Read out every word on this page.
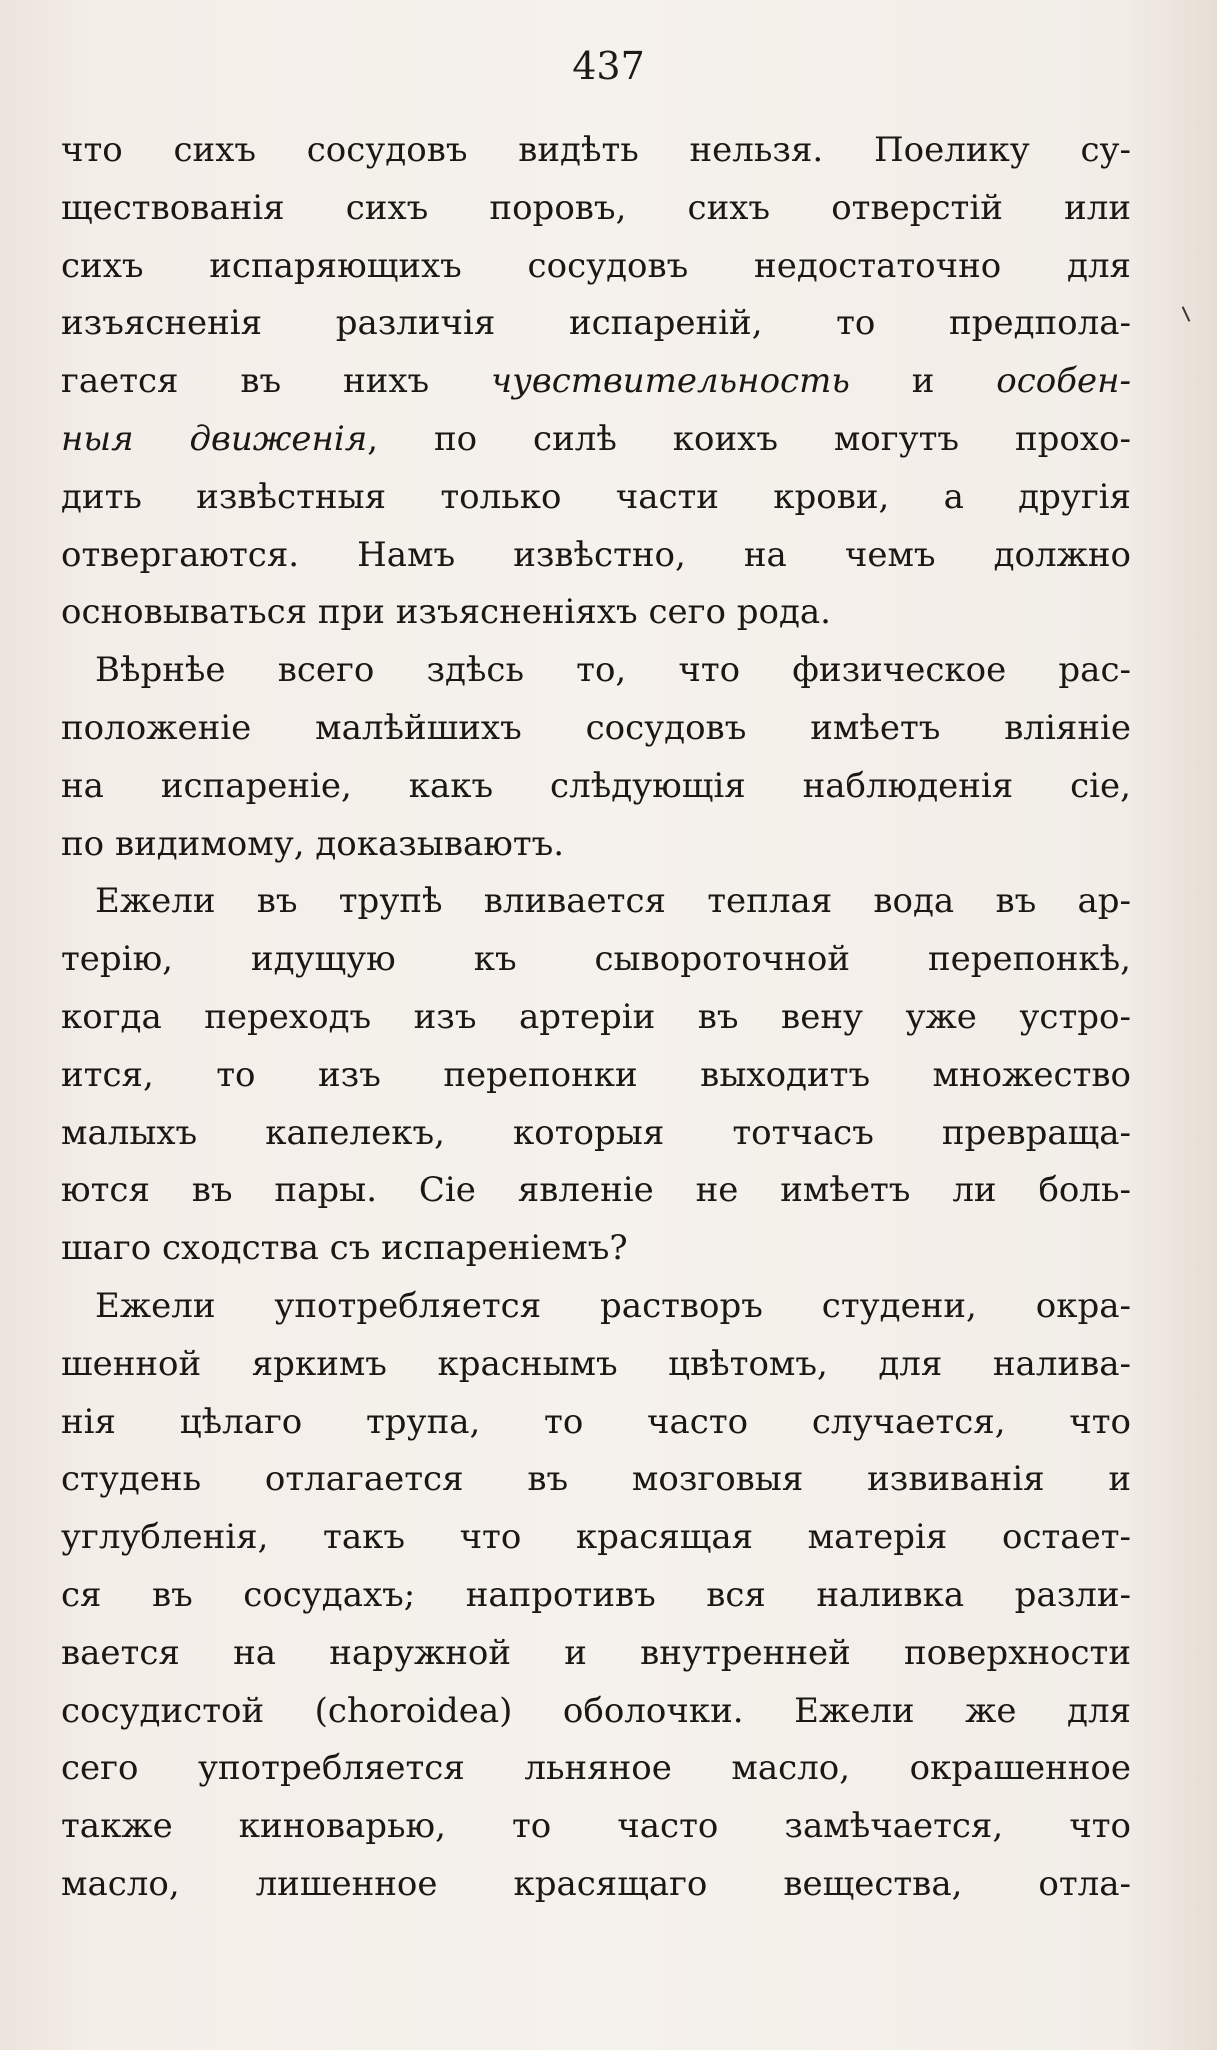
437
что сихъ сосудовъ видѣть нельзя. Поелику су-
ществованія сихъ поровъ, сихъ отверстій или
сихъ испаряющихъ сосудовъ недостаточно для
изъясненія различія испареній, то предпола-
гается въ нихъ чувствительность и особен-
ныя движенія, по силѣ коихъ могутъ прохо-
дить извѣстныя только части крови, а другія
отвергаются. Намъ извѣстно, на чемъ должно
основываться при изъясненіяхъ сего рода.
Вѣрнѣе всего здѣсь то, что физическое рас-
положеніе малѣйшихъ сосудовъ имѣетъ вліяніе
на испареніе, какъ слѣдующія наблюденія сіе,
по видимому, доказываютъ.
Ежели въ трупѣ вливается теплая вода въ ар-
терію, идущую къ сывороточной перепонкѣ,
когда переходъ изъ артеріи въ вену уже устро-
ится, то изъ перепонки выходитъ множество
малыхъ капелекъ, которыя тотчасъ превраща-
ются въ пары. Сіе явленіе не имѣетъ ли боль-
шаго сходства съ испареніемъ?
Ежели употребляется растворъ студени, окра-
шенной яркимъ краснымъ цвѣтомъ, для налива-
нія цѣлаго трупа, то часто случается, что
студень отлагается въ мозговыя извиванія и
углубленія, такъ что красящая матерія остает-
ся въ сосудахъ; напротивъ вся наливка разли-
вается на наружной и внутренней поверхности
сосудистой (choroidea) оболочки. Ежели же для
сего употребляется льняное масло, окрашенное
также киноварью, то часто замѣчается, что
масло, лишенное красящаго вещества, отла-
